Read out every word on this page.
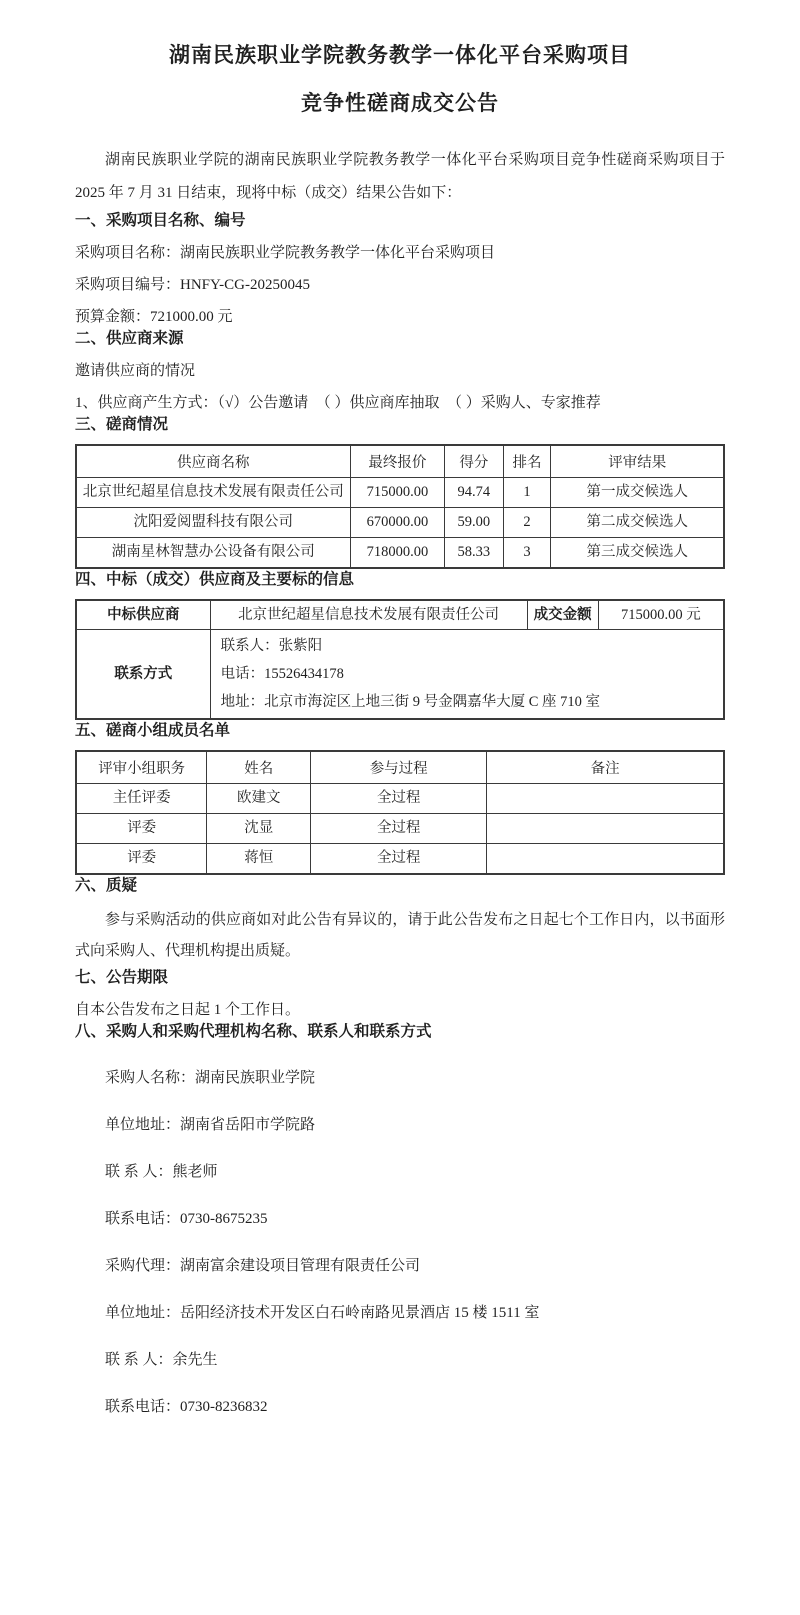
湖南民族职业学院教务教学一体化平台采购项目
竞争性磋商成交公告

湖南民族职业学院的湖南民族职业学院教务教学一体化平台采购项目竞争性磋商采购项目于 2025 年 7 月 31 日结束，现将中标（成交）结果公告如下：

一、采购项目名称、编号

采购项目名称：湖南民族职业学院教务教学一体化平台采购项目

采购项目编号：HNFY-CG-20250045

预算金额：721000.00 元

二、供应商来源

邀请供应商的情况

1、供应商产生方式：（√）公告邀请　（ ）供应商库抽取　（ ）采购人、专家推荐

三、磋商情况
供应商名称	最终报价	得分	排名	评审结果
北京世纪超星信息技术发展有限责任公司	715000.00	94.74	1	第一成交候选人
沈阳爱阅盟科技有限公司	670000.00	59.00	2	第二成交候选人
湖南星林智慧办公设备有限公司	718000.00	58.33	3	第三成交候选人
四、中标（成交）供应商及主要标的信息
中标供应商	北京世纪超星信息技术发展有限责任公司	成交金额	715000.00 元
联系方式	联系人：张紫阳

电话：15526434178

地址：北京市海淀区上地三街 9 号金隅嘉华大厦 C 座 710 室		

五、磋商小组成员名单
评审小组职务	姓名	参与过程	备注
主任评委	欧建文	全过程	
评委	沈显	全过程	
评委	蒋恒	全过程	
六、质疑

参与采购活动的供应商如对此公告有异议的，请于此公告发布之日起七个工作日内，以书面形式向采购人、代理机构提出质疑。

七、公告期限

自本公告发布之日起 1 个工作日。

八、采购人和采购代理机构名称、联系人和联系方式

采购人名称：湖南民族职业学院

单位地址：湖南省岳阳市学院路

联 系 人：熊老师

联系电话：0730-8675235

采购代理：湖南富余建设项目管理有限责任公司

单位地址：岳阳经济技术开发区白石岭南路见景酒店 15 楼 1511 室

联 系 人：余先生

联系电话：0730-8236832
